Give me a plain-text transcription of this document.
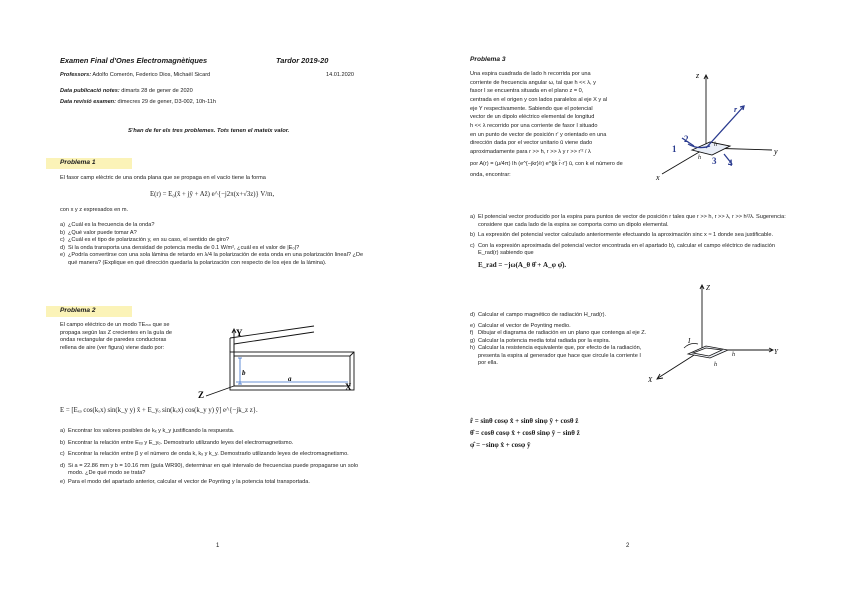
Examen Final d'Ones Electromagnètiques	Tardor 2019-20
Professors: Adolfo Comerón, Federico Dios, Michaël Sicard	14.01.2020
Data publicació notes: dimarts 28 de gener de 2020
Data revisió examen: dimecres 29 de gener, D3-002, 10h-11h
S'han de fer els tres problemes. Tots tenen el mateix valor.
Problema 1
El fasor camp elèctric de una onda plana que se propaga en el vacío tiene la forma
E(r) = E₀(x̂ + jŷ + Aẑ) e^{−j2π(x+√3z)} V/m,
con x y z expresados en m.
a) ¿Cuál es la frecuencia de la onda?
b) ¿Qué valor puede tomar A?
c) ¿Cuál es el tipo de polarización y, en su caso, el sentido de giro?
d) Si la onda transporta una densidad de potencia media de 0.1 W/m², ¿cuál es el valor de |E₀|?
e) ¿Podría convertirse con una sola lámina de retardo en λ/4 la polarización de esta onda en una polarización lineal? ¿De qué manera? (Explique en qué dirección quedaría la polarización con respecto de los ejes de la lámina).
Problema 2
El campo eléctrico de un modo TEₘₙ que se propaga según las Z crecientes en la guía de ondas rectangular de paredes conductoras rellena de aire (ver figura) viene dado por:
Y
X
Z
b
a
E = [Eₓₒ cos(kₓx) sin(k_y y) x̂ + E_yₒ sin(kₓx) cos(k_y y) ŷ] e^{−jk_z z}.
a) Encontrar los valores posibles de kₓ y k_y justificando la respuesta.
b) Encontrar la relación entre Eₓₒ y E_yₒ. Demostrarlo utilizando leyes del electromagnetismo.
c) Encontrar la relación entre β y el número de onda k, kₓ y k_y. Demostrarlo utilizando leyes de electromagnetismo.
d) Si a = 22.86 mm y b = 10.16 mm (guía WR90), determinar en qué intervalo de frecuencias puede propagarse un solo modo. ¿De qué modo se trata?
e) Para el modo del apartado anterior, calcular el vector de Poynting y la potencia total transportada.
1
Problema 3
Una espira cuadrada de lado h recorrida por una
corriente de frecuencia angular ω, tal que h << λ, y
fasor I se encuentra situada en el plano z = 0,
centrada en el origen y con lados paralelos al eje X y al
eje Y respectivamente. Sabiendo que el potencial
vector de un dipolo eléctrico elemental de longitud
h << λ recorrido por una corriente de fasor I situado
en un punto de vector de posición r' y orientado en una
dirección dada por el vector unitario û viene dado
aproximadamente para r >> h, r >> λ y r >> r'² / λ
por A(r) = (μ/4π) Ih (e^{−jkr}/r) e^{jk r̂·r'} û, con k el número de
onda, encontrar:
z
y
x
r
h
h
1
2
3 4
a) El potencial vector producido por la espira para puntos de vector de posición r tales que r >> h, r >> λ, r >> h²/λ. Sugerencia: considere que cada lado de la espira se comporta como un dipolo elemental.
b) La expresión del potencial vector calculado anteriormente efectuando la aproximación sinc x ≈ 1 donde sea justificable.
c) Con la expresión aproximada del potencial vector encontrada en el apartado b), calcular el campo eléctrico de radiación E_rad(r) sabiendo que
E_rad = −jω(A_θ θ̂ + A_φ φ̂).
d) Calcular el campo magnético de radiación H_rad(r).
e) Calcular el vector de Poynting medio.
f) Dibujar el diagrama de radiación en un plano que contenga al eje Z.
g) Calcular la potencia media total radiada por la espira.
h) Calcular la resistencia equivalente que, por efecto de la radiación, presenta la espira al generador que hace que circule la corriente I por ella.
Z
Y
X
h
h
I
r̂ = sinθ cosφ x̂ + sinθ sinφ ŷ + cosθ ẑ
θ̂ = cosθ cosφ x̂ + cosθ sinφ ŷ − sinθ ẑ
φ̂ = −sinφ x̂ + cosφ ŷ
2
